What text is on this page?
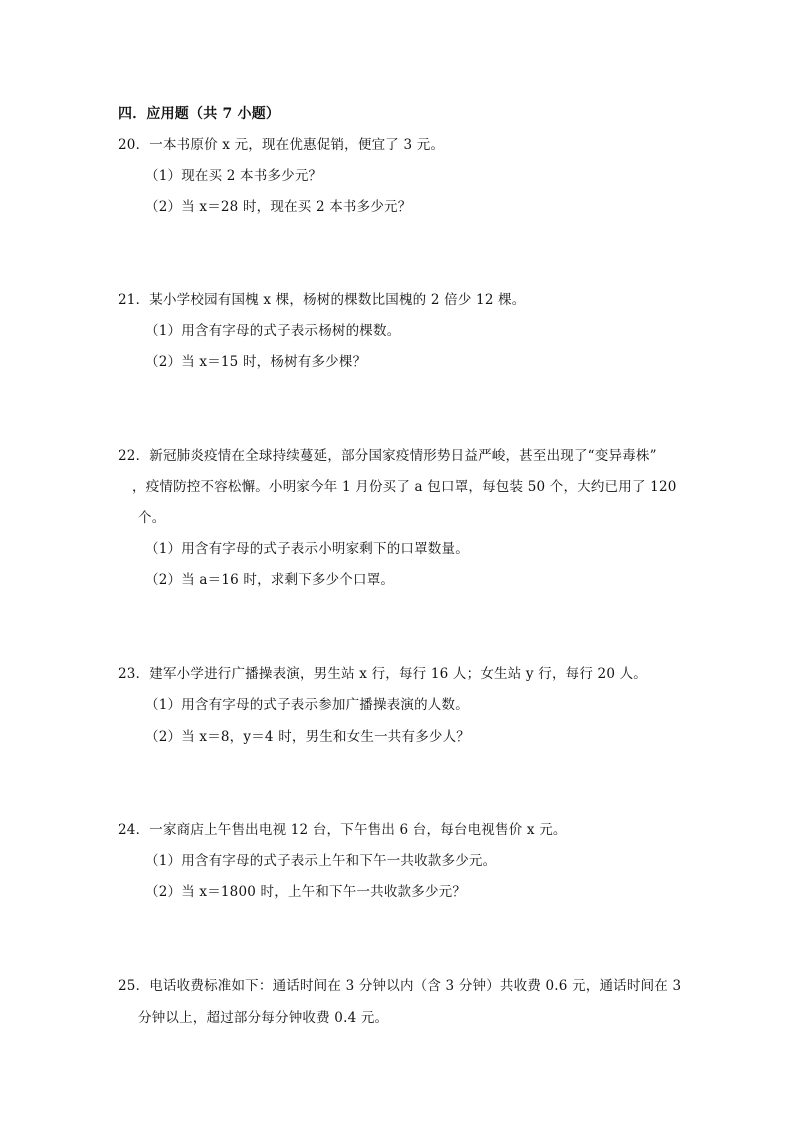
四．应用题（共 7 小题）
20．一本书原价 x 元，现在优惠促销，便宜了 3 元。
（1）现在买 2 本书多少元？
（2）当 x＝28 时，现在买 2 本书多少元？
21．某小学校园有国槐 x 棵，杨树的棵数比国槐的 2 倍少 12 棵。
（1）用含有字母的式子表示杨树的棵数。
（2）当 x＝15 时，杨树有多少棵？
22．新冠肺炎疫情在全球持续蔓延，部分国家疫情形势日益严峻，甚至出现了“变异毒株”
，疫情防控不容松懈。小明家今年 1 月份买了 a 包口罩，每包装 50 个，大约已用了 120
个。
（1）用含有字母的式子表示小明家剩下的口罩数量。
（2）当 a＝16 时，求剩下多少个口罩。
23．建军小学进行广播操表演，男生站 x 行，每行 16 人；女生站 y 行，每行 20 人。
（1）用含有字母的式子表示参加广播操表演的人数。
（2）当 x＝8，y＝4 时，男生和女生一共有多少人？
24．一家商店上午售出电视 12 台，下午售出 6 台，每台电视售价 x 元。
（1）用含有字母的式子表示上午和下午一共收款多少元。
（2）当 x＝1800 时，上午和下午一共收款多少元？
25．电话收费标准如下：通话时间在 3 分钟以内（含 3 分钟）共收费 0.6 元，通话时间在 3
分钟以上，超过部分每分钟收费 0.4 元。
